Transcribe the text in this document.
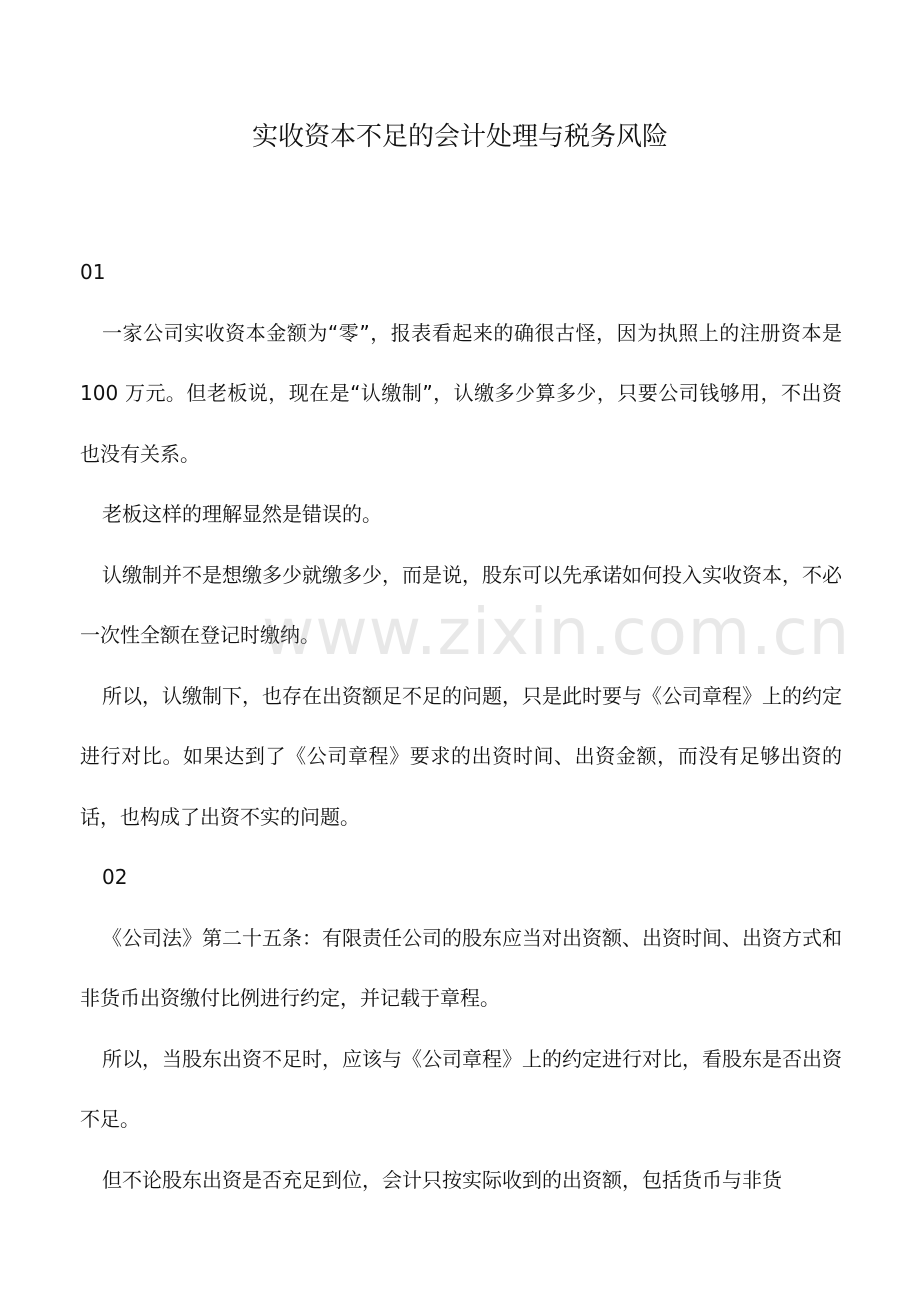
实收资本不足的会计处理与税务风险

01

一家公司实收资本金额为“零”，报表看起来的确很古怪，因为执照上的注册资本是 100 万元。但老板说，现在是“认缴制”，认缴多少算多少，只要公司钱够用，不出资也没有关系。

老板这样的理解显然是错误的。

认缴制并不是想缴多少就缴多少，而是说，股东可以先承诺如何投入实收资本，不必一次性全额在登记时缴纳。

所以，认缴制下，也存在出资额足不足的问题，只是此时要与《公司章程》上的约定进行对比。如果达到了《公司章程》要求的出资时间、出资金额，而没有足够出资的话，也构成了出资不实的问题。

02

《公司法》第二十五条：有限责任公司的股东应当对出资额、出资时间、出资方式和非货币出资缴付比例进行约定，并记载于章程。

所以，当股东出资不足时，应该与《公司章程》上的约定进行对比，看股东是否出资不足。

但不论股东出资是否充足到位，会计只按实际收到的出资额，包括货币与非货

www.zixin.com.cn
